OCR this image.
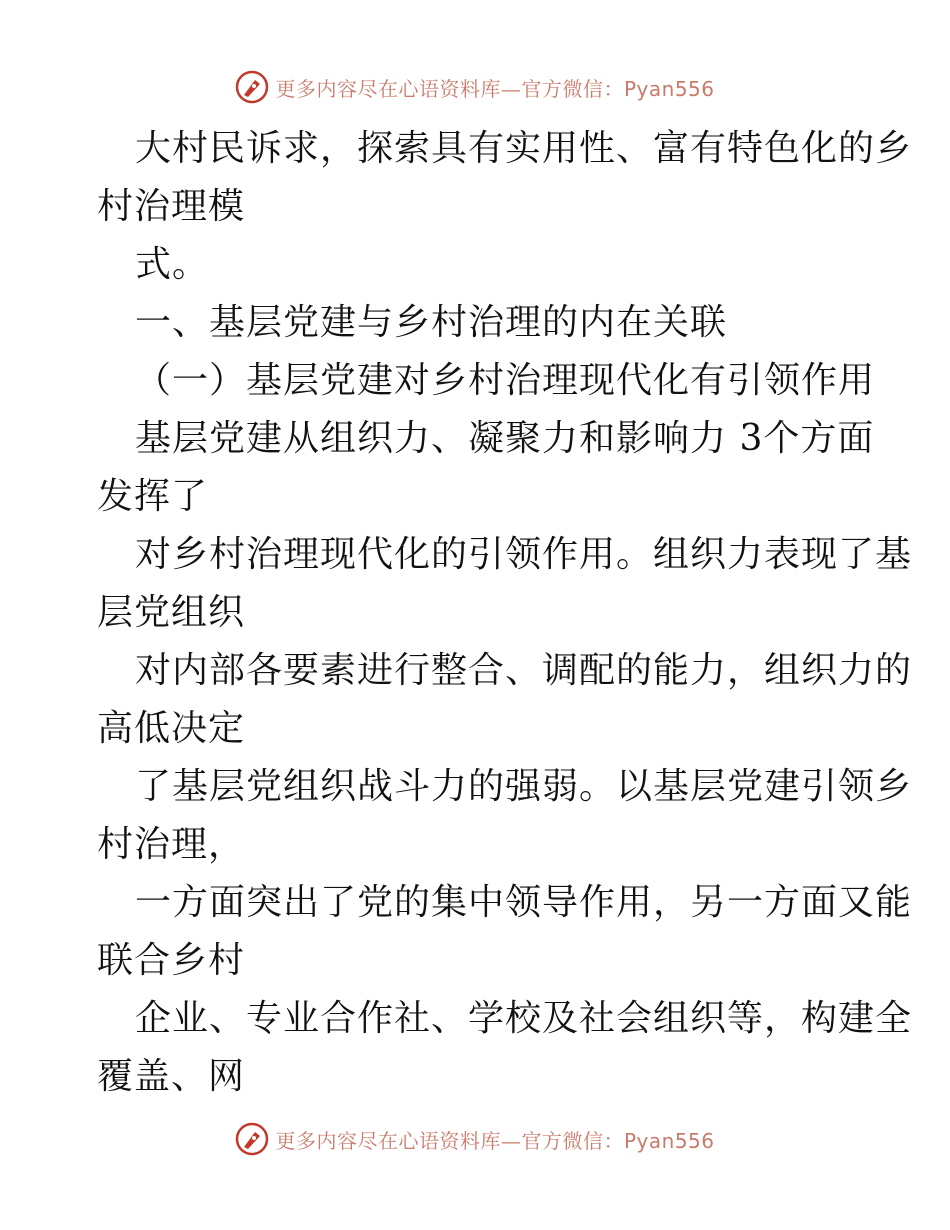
更多内容尽在心语资料库—官方微信：Pyan556
大村民诉求，探索具有实用性、富有特色化的乡
村治理模
式。
一、基层党建与乡村治理的内在关联
（一）基层党建对乡村治理现代化有引领作用
基层党建从组织力、凝聚力和影响力 3个方面
发挥了
对乡村治理现代化的引领作用。组织力表现了基
层党组织
对内部各要素进行整合、调配的能力，组织力的
高低决定
了基层党组织战斗力的强弱。以基层党建引领乡
村治理，
一方面突出了党的集中领导作用，另一方面又能
联合乡村
企业、专业合作社、学校及社会组织等，构建全
覆盖、网
更多内容尽在心语资料库—官方微信：Pyan556
